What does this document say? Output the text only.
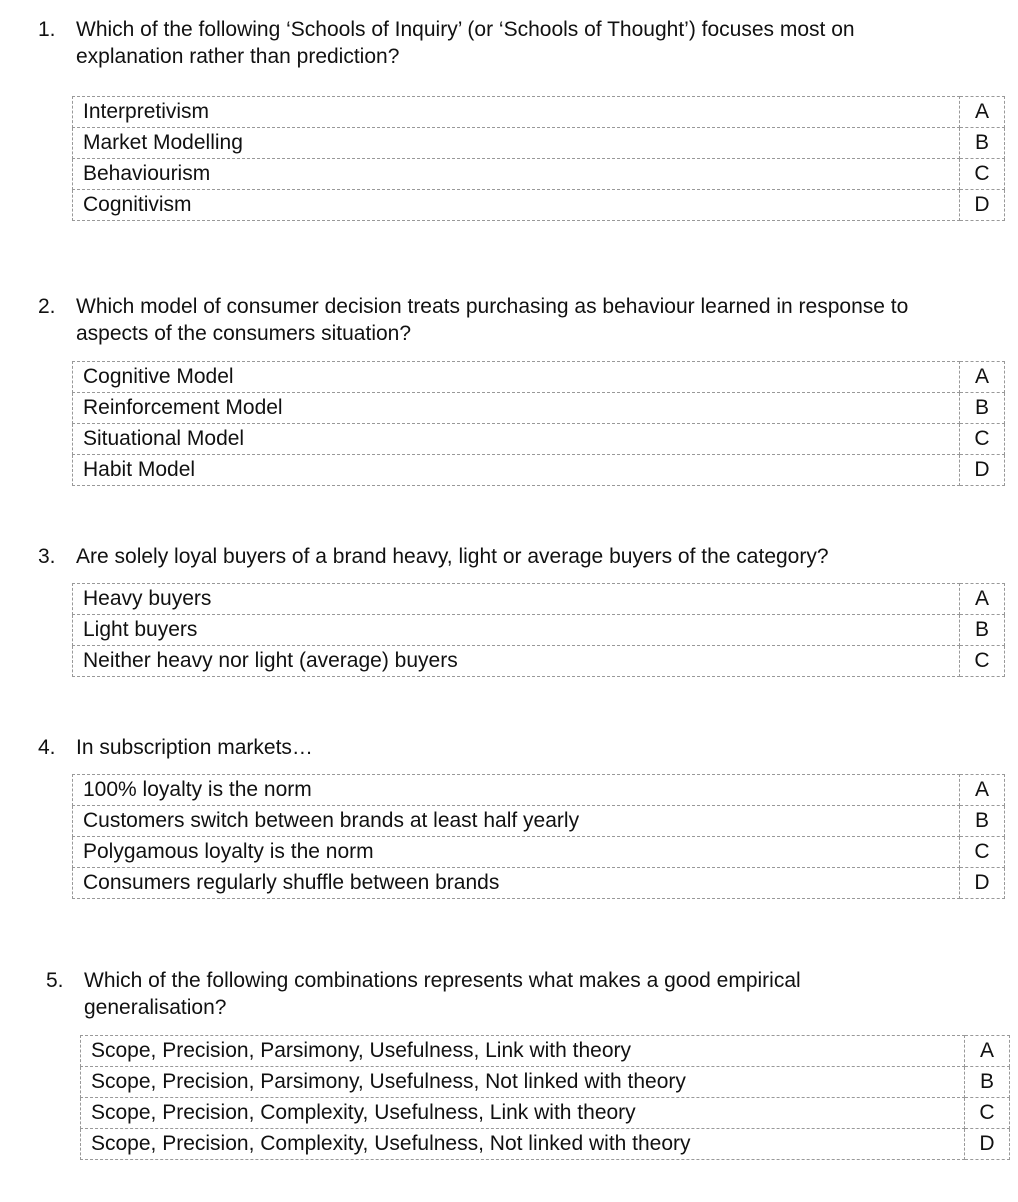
1. Which of the following ‘Schools of Inquiry’ (or ‘Schools of Thought’) focuses most on
explanation rather than prediction?
Interpretivism	A
Market Modelling	B
Behaviourism	C
Cognitivism	D
2. Which model of consumer decision treats purchasing as behaviour learned in response to
aspects of the consumers situation?
Cognitive Model	A
Reinforcement Model	B
Situational Model	C
Habit Model	D
3. Are solely loyal buyers of a brand heavy, light or average buyers of the category?
Heavy buyers	A
Light buyers	B
Neither heavy nor light (average) buyers	C
4. In subscription markets…
100% loyalty is the norm	A
Customers switch between brands at least half yearly	B
Polygamous loyalty is the norm	C
Consumers regularly shuffle between brands	D
5. Which of the following combinations represents what makes a good empirical
generalisation?
Scope, Precision, Parsimony, Usefulness, Link with theory	A
Scope, Precision, Parsimony, Usefulness, Not linked with theory	B
Scope, Precision, Complexity, Usefulness, Link with theory	C
Scope, Precision, Complexity, Usefulness, Not linked with theory	D
